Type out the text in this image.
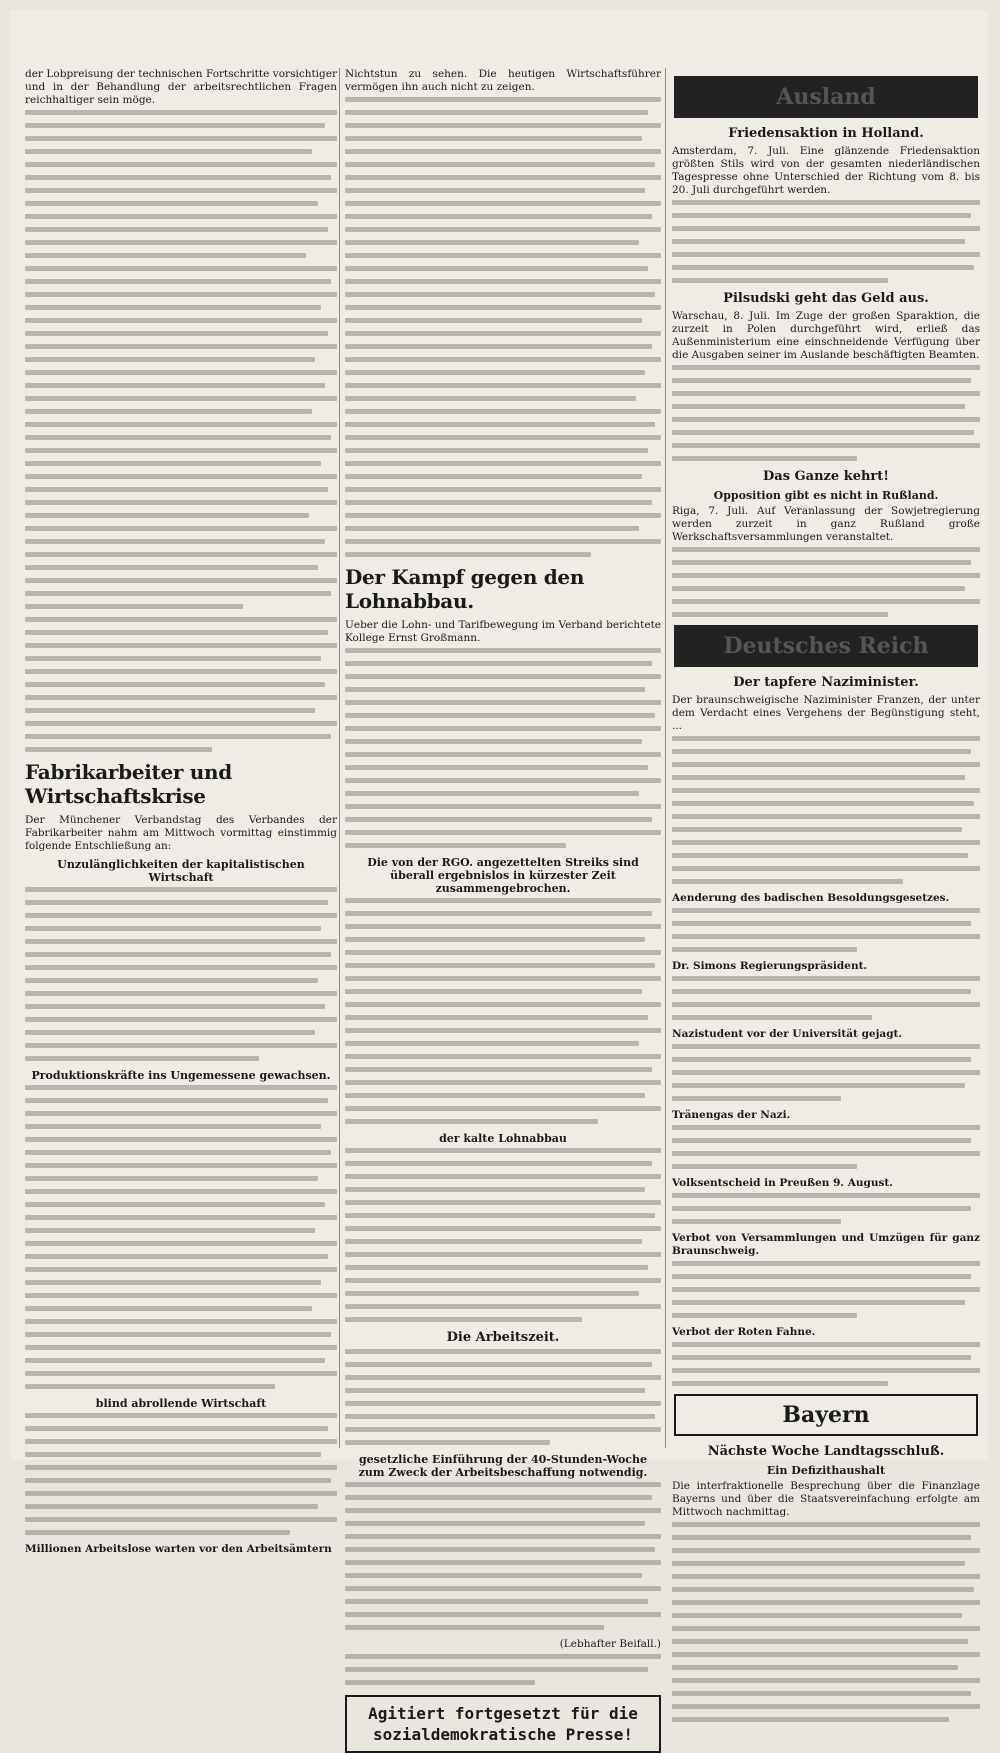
der Lobpreisung der technischen Fortschritte vorsichtiger und in der Behandlung der arbeitsrechtlichen Fragen reichhaltiger sein möge.

Fabrikarbeiter und Wirtschaftskrise

Der Münchener Verbandstag des Verbandes der Fabrikarbeiter nahm am Mittwoch vormittag einstimmig folgende Entschließung an:

Unzulänglichkeiten der kapitalistischen Wirtschaft
Produktionskräfte ins Ungemessene gewachsen.
blind abrollende Wirtschaft

Millionen Arbeitslose warten vor den Arbeitsämtern

Nichtstun zu sehen. Die heutigen Wirtschaftsführer vermögen ihn auch nicht zu zeigen.

Der Kampf gegen den Lohnabbau.

Ueber die Lohn- und Tarifbewegung im Verband berichtete Kollege Ernst Großmann.

Die von der RGO. angezettelten Streiks sind überall ergebnislos in kürzester Zeit zusammengebrochen.
der kalte Lohnabbau
Die Arbeitszeit.
gesetzliche Einführung der 40-Stunden-Woche zum Zweck der Arbeitsbeschaffung notwendig.

(Lebhafter Beifall.)

Agitiert fortgesetzt für die sozialdemokratische Presse!
Ausland
Friedensaktion in Holland.

Amsterdam, 7. Juli. Eine glänzende Friedensaktion größten Stils wird von der gesamten niederländischen Tagespresse ohne Unterschied der Richtung vom 8. bis 20. Juli durchgeführt werden.

Pilsudski geht das Geld aus.

Warschau, 8. Juli. Im Zuge der großen Sparaktion, die zurzeit in Polen durchgeführt wird, erließ das Außenministerium eine einschneidende Verfügung über die Ausgaben seiner im Auslande beschäftigten Beamten.

Das Ganze kehrt!
Opposition gibt es nicht in Rußland.

Riga, 7. Juli. Auf Veranlassung der Sowjetregierung werden zurzeit in ganz Rußland große Werkschaftsversammlungen veranstaltet.

Deutsches Reich
Der tapfere Naziminister.

Der braunschweigische Naziminister Franzen, der unter dem Verdacht eines Vergehens der Begünstigung steht, ...

Aenderung des badischen Besoldungsgesetzes.

Dr. Simons Regierungspräsident.

Nazistudent vor der Universität gejagt.

Tränengas der Nazi.

Volksentscheid in Preußen 9. August.

Verbot von Versammlungen und Umzügen für ganz Braunschweig.

Verbot der Roten Fahne.

Bayern
Nächste Woche Landtagsschluß.
Ein Defizithaushalt

Die interfraktionelle Besprechung über die Finanzlage Bayerns und über die Staatsvereinfachung erfolgte am Mittwoch nachmittag.
